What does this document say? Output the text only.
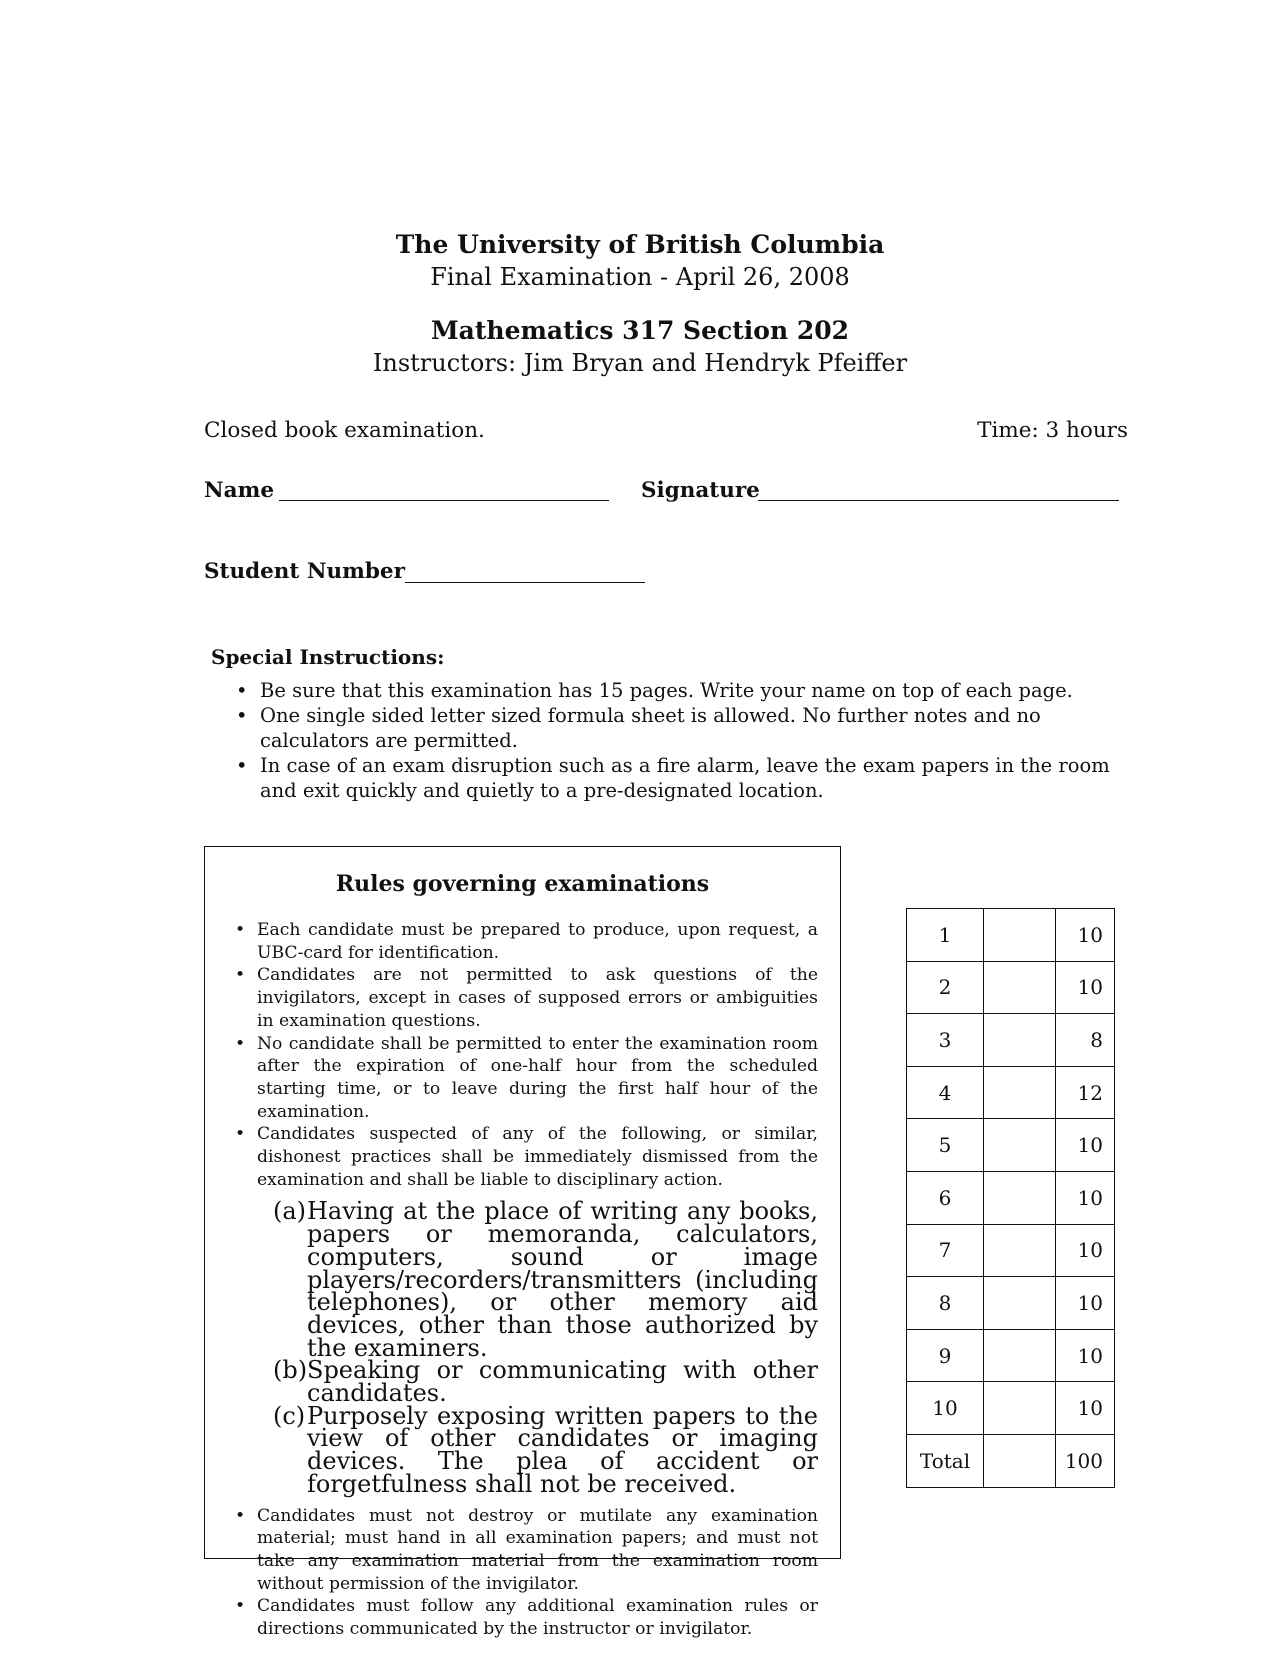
The University of British Columbia
Final Examination - April 26, 2008
Mathematics 317 Section 202
Instructors: Jim Bryan and Hendryk Pfeiffer
Closed book examination.	Time: 3 hours
Name	Signature
Student Number
Special Instructions:
• Be sure that this examination has 15 pages. Write your name on top of each page.
• One single sided letter sized formula sheet is allowed. No further notes and no calculators are permitted.
• In case of an exam disruption such as a fire alarm, leave the exam papers in the room and exit quickly and quietly to a pre-designated location.
Rules governing examinations
• Each candidate must be prepared to produce, upon request, a UBC-card for identification.
• Candidates are not permitted to ask questions of the invigilators, except in cases of supposed errors or ambiguities in examination questions.
• No candidate shall be permitted to enter the examination room after the expiration of one-half hour from the scheduled starting time, or to leave during the first half hour of the examination.
• Candidates suspected of any of the following, or similar, dishonest practices shall be immediately dismissed from the examination and shall be liable to disciplinary action.
(a) Having at the place of writing any books, papers or memoranda, calculators, computers, sound or image players/recorders/transmitters (including telephones), or other memory aid devices, other than those authorized by the examiners.
(b) Speaking or communicating with other candidates.
(c) Purposely exposing written papers to the view of other candidates or imaging devices. The plea of accident or forgetfulness shall not be received.
• Candidates must not destroy or mutilate any examination material; must hand in all examination papers; and must not take any examination material from the examination room without permission of the invigilator.
• Candidates must follow any additional examination rules or directions communicated by the instructor or invigilator.
1		10
2		10
3		8
4		12
5		10
6		10
7		10
8		10
9		10
10		10
Total		100
